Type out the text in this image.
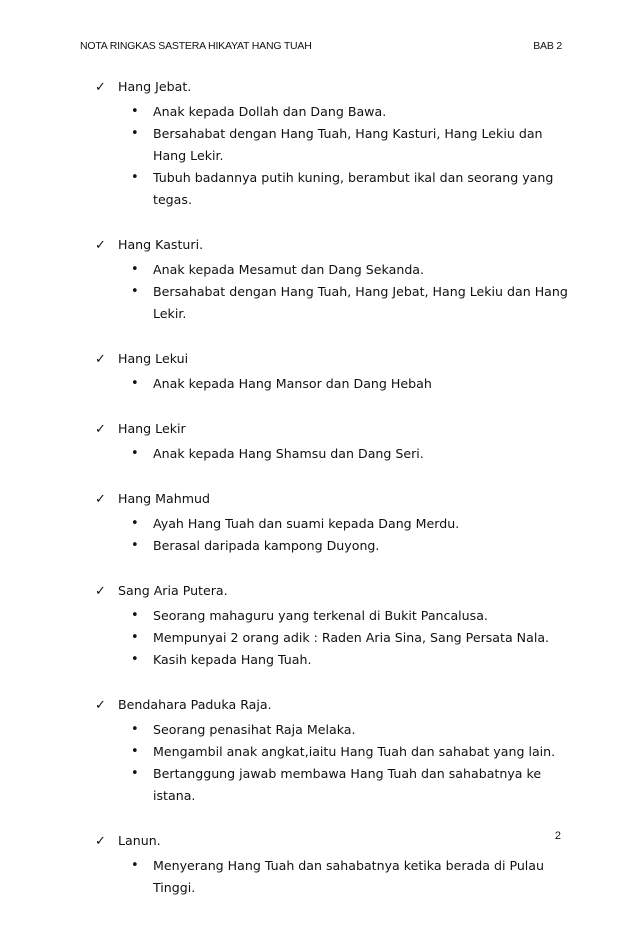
NOTA RINGKAS SASTERA HIKAYAT HANG TUAH	BAB 2
✓ Hang Jebat.
• Anak kepada Dollah dan Dang Bawa.
• Bersahabat dengan Hang Tuah, Hang Kasturi, Hang Lekiu dan Hang Lekir.
• Tubuh badannya putih kuning, berambut ikal dan seorang yang tegas.
✓ Hang Kasturi.
• Anak kepada Mesamut dan Dang Sekanda.
• Bersahabat dengan Hang Tuah, Hang Jebat, Hang Lekiu dan Hang Lekir.
✓ Hang Lekui
• Anak kepada Hang Mansor dan Dang Hebah
✓ Hang Lekir
• Anak kepada Hang Shamsu dan Dang Seri.
✓ Hang Mahmud
• Ayah Hang Tuah dan suami kepada Dang Merdu.
• Berasal daripada kampong Duyong.
✓ Sang Aria Putera.
• Seorang mahaguru yang terkenal di Bukit Pancalusa.
• Mempunyai 2 orang adik : Raden Aria Sina, Sang Persata Nala.
• Kasih kepada Hang Tuah.
✓ Bendahara Paduka Raja.
• Seorang penasihat Raja Melaka.
• Mengambil anak angkat,iaitu Hang Tuah dan sahabat yang lain.
• Bertanggung jawab membawa Hang Tuah dan sahabatnya ke istana.
✓ Lanun.
• Menyerang Hang Tuah dan sahabatnya ketika berada di Pulau Tinggi.
2
